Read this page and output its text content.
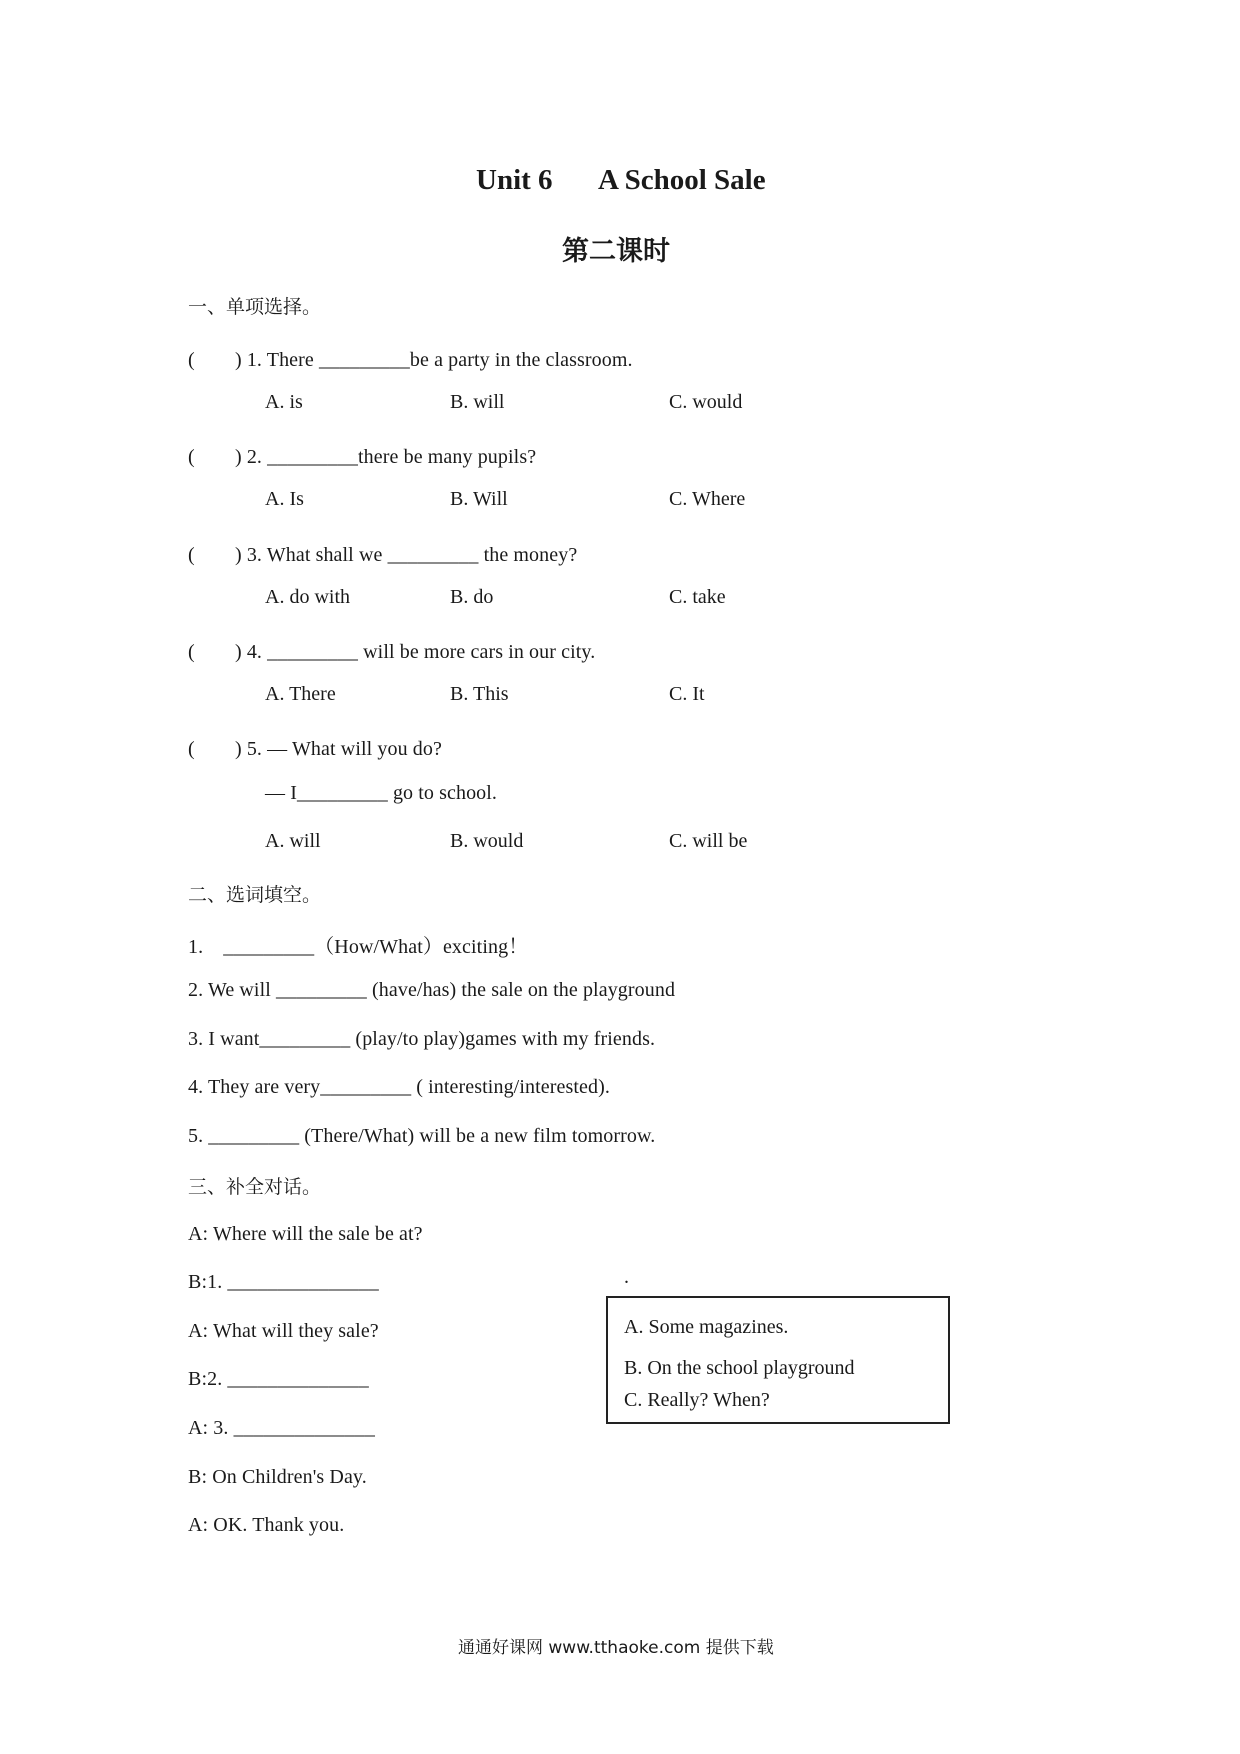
Unit 6 A School Sale
第二课时
一、单项选择。
(　　) 1. There _________be a party in the classroom.
A. is	B. will	C. would
(　　) 2. _________there be many pupils?
A. Is	B. Will	C. Where
(　　) 3. What shall we _________ the money?
A. do with	B. do	C. take
(　　) 4. _________ will be more cars in our city.
A. There	B. This	C. It
(　　) 5. — What will you do?
— I_________ go to school.
A. will	B. would	C. will be
二、选词填空。
1.　_________（How/What）exciting！
2. We will _________ (have/has) the sale on the playground
3. I want_________ (play/to play)games with my friends.
4. They are very_________ ( interesting/interested).
5. _________ (There/What) will be a new film tomorrow.
三、补全对话。
A: Where will the sale be at?
B:1. _______________
A: What will they sale?
B:2. ______________
A: 3. ______________
B: On Children's Day.
A: OK. Thank you.
.
A. Some magazines.
B. On the school playground
C. Really? When?
通通好课网 www.tthaoke.com 提供下载
